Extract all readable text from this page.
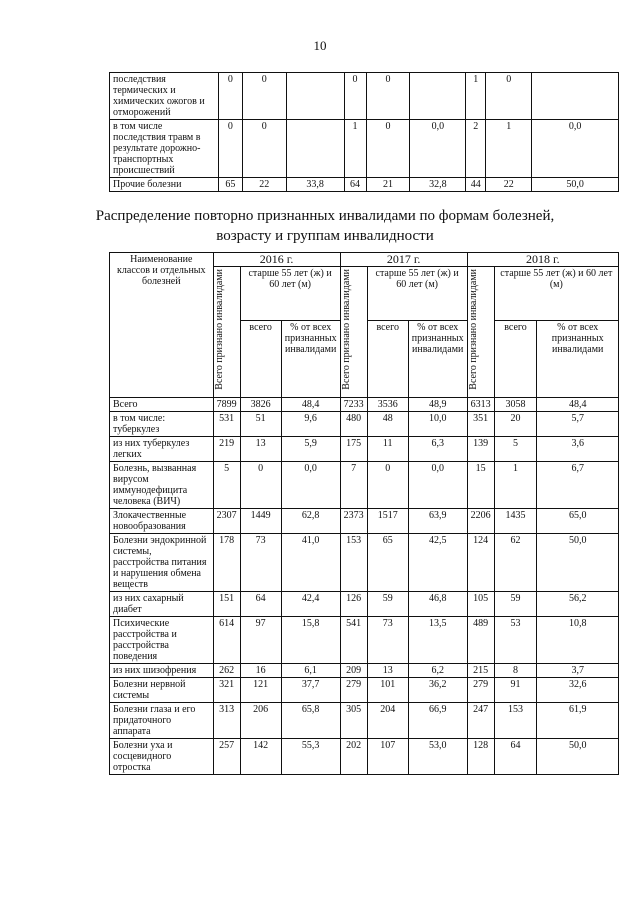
10
последствия термических и химических ожогов и отморожений	0	0		0	0		1	0	
в том числе последствия травм в результате дорожно-транспортных происшествий	0	0		1	0	0,0	2	1	0,0
Прочие болезни	65	22	33,8	64	21	32,8	44	22	50,0
Распределение повторно признанных инвалидами по формам болезней, возрасту и группам инвалидности
Наименование классов и отдельных болезней	2016 г.			2017 г.			2018 г.		

	Всего признано инвалидами	старше 55 лет (ж) и 60 лет (м)		Всего признано инвалидами	старше 55 лет (ж) и 60 лет (м)		Всего признано инвалидами	старше 55 лет (ж) и 60 лет (м)	
		всего	% от всех признанных инвалидами		всего	% от всех признанных инвалидами		всего	% от всех признанных инвалидами
Всего	7899	3826	48,4	7233	3536	48,9	6313	3058	48,4
в том числе: туберкулез	531	51	9,6	480	48	10,0	351	20	5,7
из них туберкулез легких	219	13	5,9	175	11	6,3	139	5	3,6
Болезнь, вызванная вирусом иммунодефицита человека (ВИЧ)	5	0	0,0	7	0	0,0	15	1	6,7
Злокачественные новообразования	2307	1449	62,8	2373	1517	63,9	2206	1435	65,0
Болезни эндокринной системы, расстройства питания и нарушения обмена веществ	178	73	41,0	153	65	42,5	124	62	50,0
из них сахарный диабет	151	64	42,4	126	59	46,8	105	59	56,2
Психические расстройства и расстройства поведения	614	97	15,8	541	73	13,5	489	53	10,8
из них шизофрения	262	16	6,1	209	13	6,2	215	8	3,7
Болезни нервной системы	321	121	37,7	279	101	36,2	279	91	32,6
Болезни глаза и его придаточного аппарата	313	206	65,8	305	204	66,9	247	153	61,9
Болезни уха и сосцевидного отростка	257	142	55,3	202	107	53,0	128	64	50,0
